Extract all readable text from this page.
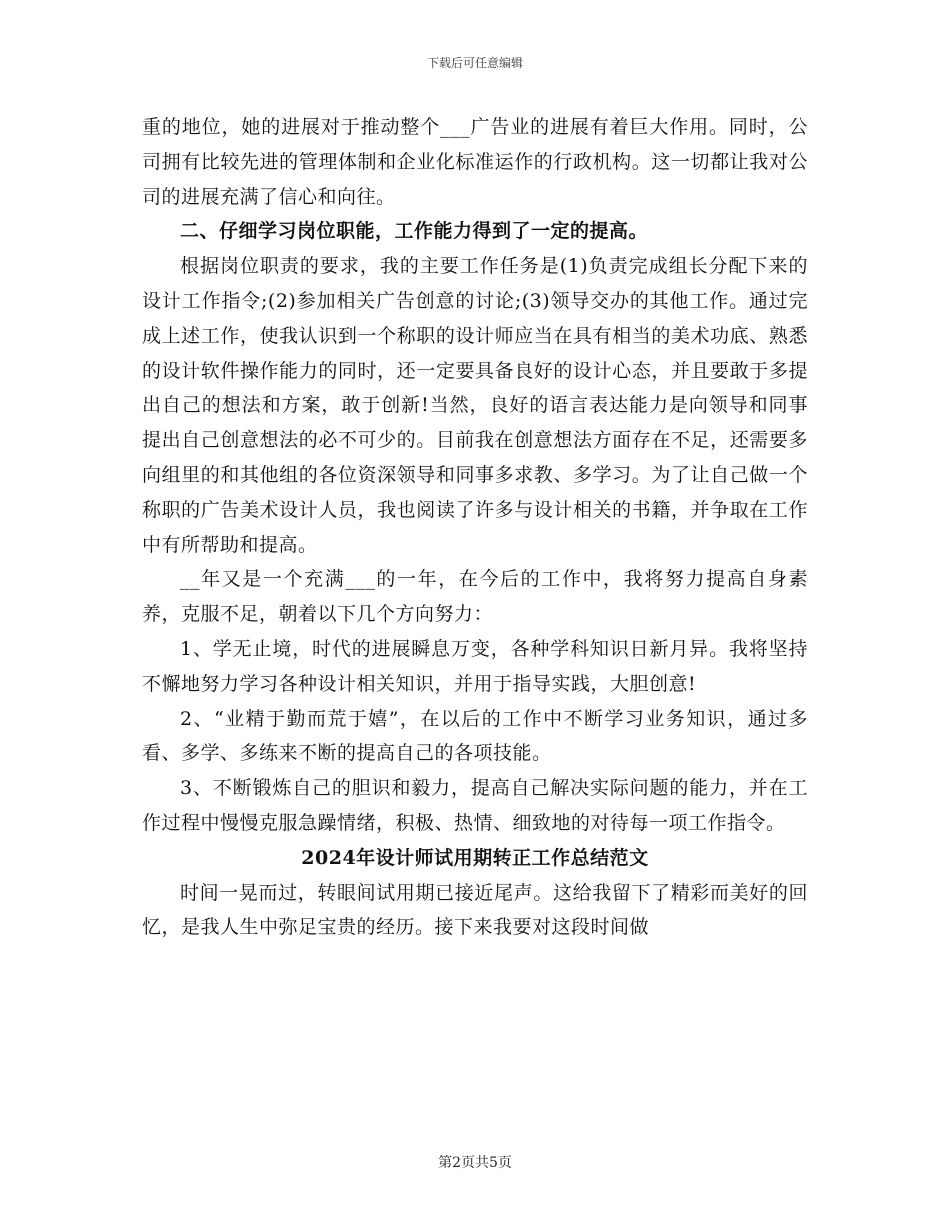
下载后可任意编辑

重的地位，她的进展对于推动整个___广告业的进展有着巨大作用。同时，公司拥有比较先进的管理体制和企业化标准运作的行政机构。这一切都让我对公司的进展充满了信心和向往。

二、仔细学习岗位职能，工作能力得到了一定的提高。

根据岗位职责的要求，我的主要工作任务是(1)负责完成组长分配下来的设计工作指令;(2)参加相关广告创意的讨论;(3)领导交办的其他工作。通过完成上述工作，使我认识到一个称职的设计师应当在具有相当的美术功底、熟悉的设计软件操作能力的同时，还一定要具备良好的设计心态，并且要敢于多提出自己的想法和方案，敢于创新!当然，良好的语言表达能力是向领导和同事提出自己创意想法的必不可少的。目前我在创意想法方面存在不足，还需要多向组里的和其他组的各位资深领导和同事多求教、多学习。为了让自己做一个称职的广告美术设计人员，我也阅读了许多与设计相关的书籍，并争取在工作中有所帮助和提高。

__年又是一个充满___的一年，在今后的工作中，我将努力提高自身素养，克服不足，朝着以下几个方向努力：

1、学无止境，时代的进展瞬息万变，各种学科知识日新月异。我将坚持不懈地努力学习各种设计相关知识，并用于指导实践，大胆创意!

2、“业精于勤而荒于嬉”，在以后的工作中不断学习业务知识，通过多看、多学、多练来不断的提高自己的各项技能。

3、不断锻炼自己的胆识和毅力，提高自己解决实际问题的能力，并在工作过程中慢慢克服急躁情绪，积极、热情、细致地的对待每一项工作指令。

2024年设计师试用期转正工作总结范文

时间一晃而过，转眼间试用期已接近尾声。这给我留下了精彩而美好的回忆，是我人生中弥足宝贵的经历。接下来我要对这段时间做

第2页共5页
